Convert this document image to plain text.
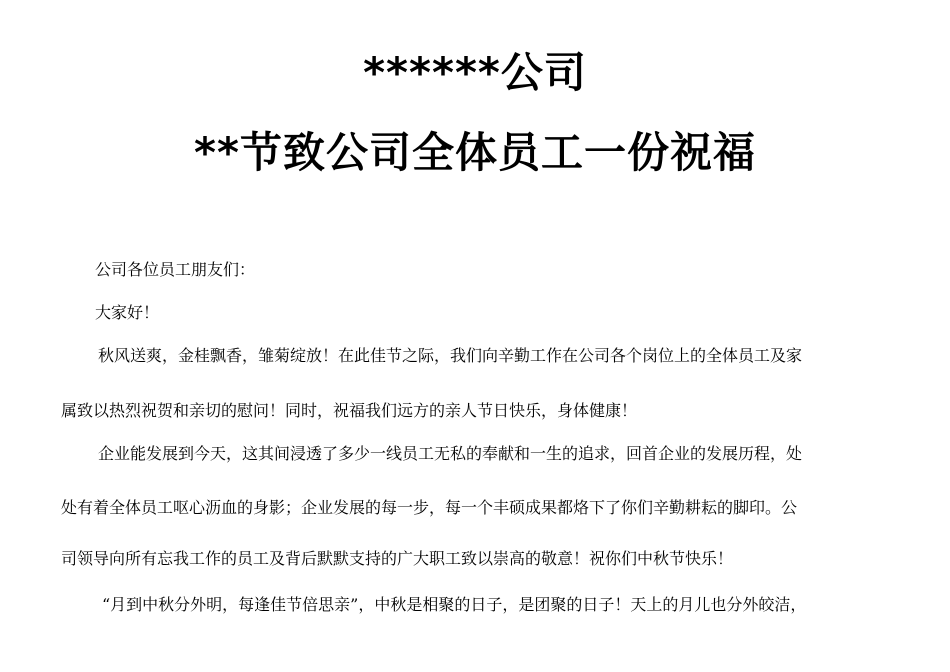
******公司
**节致公司全体员工一份祝福
公司各位员工朋友们：
大家好！
秋风送爽，金桂飘香，雏菊绽放！在此佳节之际，我们向辛勤工作在公司各个岗位上的全体员工及家
属致以热烈祝贺和亲切的慰问！同时，祝福我们远方的亲人节日快乐，身体健康！
企业能发展到今天，这其间浸透了多少一线员工无私的奉献和一生的追求，回首企业的发展历程，处
处有着全体员工呕心沥血的身影；企业发展的每一步，每一个丰硕成果都烙下了你们辛勤耕耘的脚印。公
司领导向所有忘我工作的员工及背后默默支持的广大职工致以崇高的敬意！祝你们中秋节快乐！
“月到中秋分外明，每逢佳节倍思亲”，中秋是相聚的日子，是团聚的日子！天上的月儿也分外皎洁，
